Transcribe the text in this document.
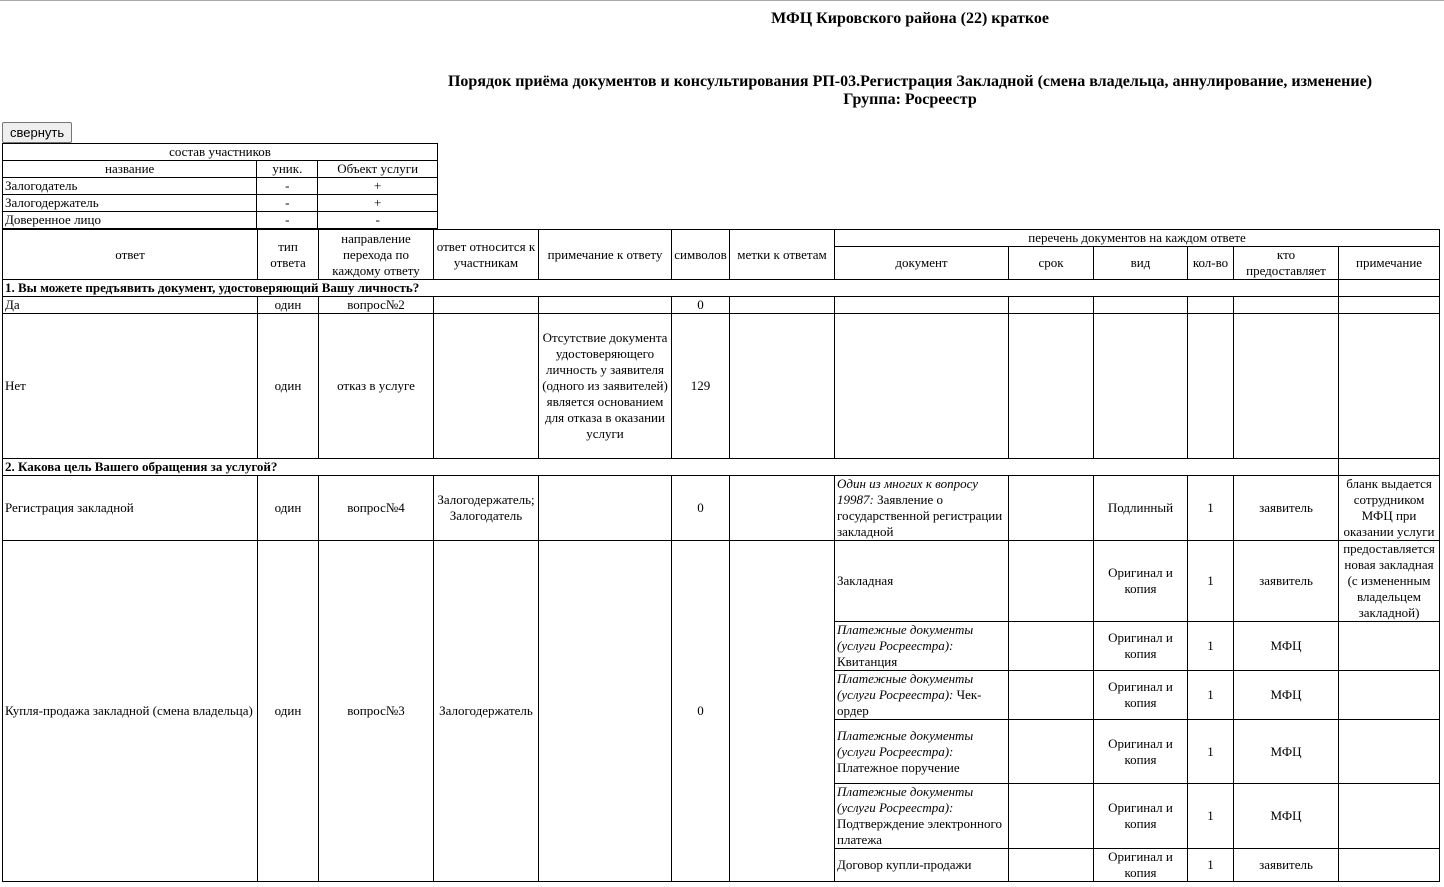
МФЦ Кировского района (22) краткое
Порядок приёма документов и консультирования РП-03.Регистрация Закладной (смена владельца, аннулирование, изменение)
Группа: Росреестр
свернуть
состав участников		
название	уник.	Объект услуги
Залогодатель	-	+
Залогодержатель	-	+
Доверенное лицо	-	-
ответ	тип ответа	направление перехода по каждому ответу	ответ относится к участникам	примечание к ответу	символов	метки к ответам	перечень документов на каждом ответе					
							документ	срок	вид	кол-во	кто предоставляет	примечание
1. Вы можете предъявить документ, удостоверяющий Вашу личность?												
Да	один	вопрос№2			0							
Нет	один	отказ в услуге		Отсутствие документа удостоверяющего личность у заявителя (одного из заявителей) является основанием для отказа в оказании услуги	129							
2. Какова цель Вашего обращения за услугой?												
Регистрация закладной	один	вопрос№4	Залогодержатель; Залогодатель		0		Один из многих к вопросу 19987: Заявление о государственной регистрации закладной		Подлинный	1	заявитель	бланк выдается сотрудником МФЦ при оказании услуги
Купля-продажа закладной (смена владельца)	один	вопрос№3	Залогодержатель		0		Закладная		Оригинал и копия	1	заявитель	предоставляется новая закладная (с измененным владельцем закладной)
							Платежные документы (услуги Росреестра): Квитанция		Оригинал и копия	1	МФЦ	
							Платежные документы (услуги Росреестра): Чек-ордер		Оригинал и копия	1	МФЦ	
							Платежные документы (услуги Росреестра): Платежное поручение		Оригинал и копия	1	МФЦ	
							Платежные документы (услуги Росреестра): Подтверждение электронного платежа		Оригинал и копия	1	МФЦ	
							Договор купли-продажи		Оригинал и копия	1	заявитель	
